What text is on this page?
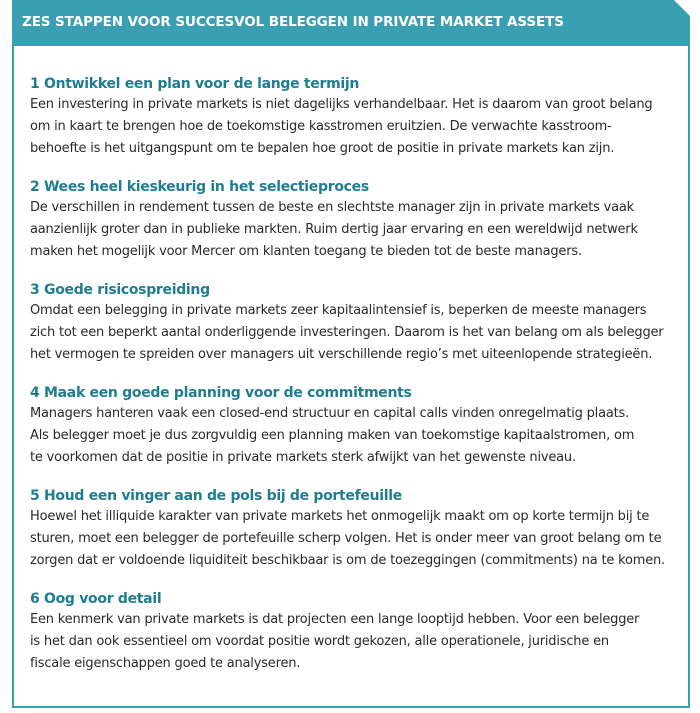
ZES STAPPEN VOOR SUCCESVOL BELEGGEN IN PRIVATE MARKET ASSETS
1 Ontwikkel een plan voor de lange termijn
Een investering in private markets is niet dagelijks verhandelbaar. Het is daarom van groot belang
om in kaart te brengen hoe de toekomstige kasstromen eruitzien. De verwachte kasstroom-
behoefte is het uitgangspunt om te bepalen hoe groot de positie in private markets kan zijn.
2 Wees heel kieskeurig in het selectieproces
De verschillen in rendement tussen de beste en slechtste manager zijn in private markets vaak
aanzienlijk groter dan in publieke markten. Ruim dertig jaar ervaring en een wereldwijd netwerk
maken het mogelijk voor Mercer om klanten toegang te bieden tot de beste managers.
3 Goede risicospreiding
Omdat een belegging in private markets zeer kapitaalintensief is, beperken de meeste managers
zich tot een beperkt aantal onderliggende investeringen. Daarom is het van belang om als belegger
het vermogen te spreiden over managers uit verschillende regio’s met uiteenlopende strategieën.
4 Maak een goede planning voor de commitments
Managers hanteren vaak een closed-end structuur en capital calls vinden onregelmatig plaats.
Als belegger moet je dus zorgvuldig een planning maken van toekomstige kapitaalstromen, om
te voorkomen dat de positie in private markets sterk afwijkt van het gewenste niveau.
5 Houd een vinger aan de pols bij de portefeuille
Hoewel het illiquide karakter van private markets het onmogelijk maakt om op korte termijn bij te
sturen, moet een belegger de portefeuille scherp volgen. Het is onder meer van groot belang om te
zorgen dat er voldoende liquiditeit beschikbaar is om de toezeggingen (commitments) na te komen.
6 Oog voor detail
Een kenmerk van private markets is dat projecten een lange looptijd hebben. Voor een belegger
is het dan ook essentieel om voordat positie wordt gekozen, alle operationele, juridische en
fiscale eigenschappen goed te analyseren.
